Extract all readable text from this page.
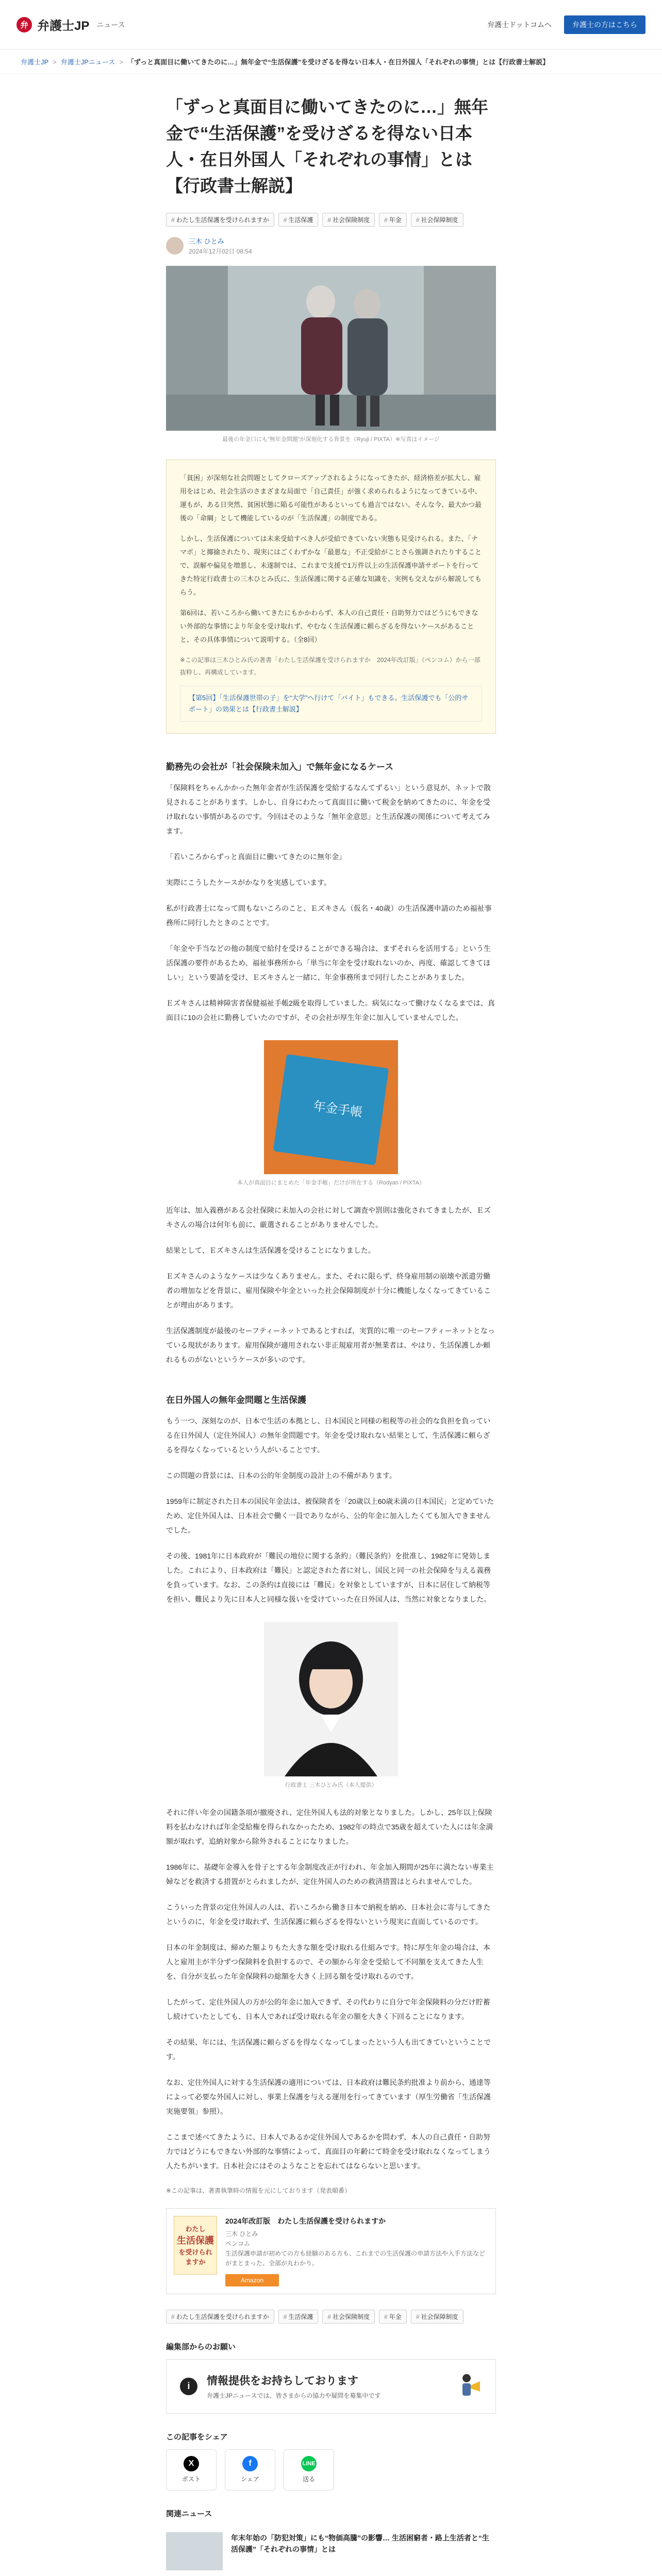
弁 弁護士JP ニュース	弁護士ドットコムへ	弁護士の方はこちら
弁護士JP > 弁護士JPニュース > 「ずっと真面目に働いてきたのに…」無年金で“生活保護”を受けざるを得ない日本人・在日外国人「それぞれの事情」とは【行政書士解説】
「ずっと真面目に働いてきたのに…」無年金で“生活保護”を受けざるを得ない日本人・在日外国人「それぞれの事情」とは【行政書士解説】
# わたし生活保護を受けられますか	# 生活保護	# 社会保険制度	# 年金	# 社会保障制度
三木 ひとみ
2024年12月02日 08:54
最後の年金口にも“無年金問題”が深刻化する背景を（Ryuji / PIXTA）※写真はイメージ

「貧困」が深刻な社会問題としてクローズアップされるようになってきたが、経済格差が拡大し、雇用をはじめ、社会生活のさまざまな局面で「自己責任」が強く求められるようになってきている中、運もが、ある日突然、貧困状態に陥る可能性があるといっても過言ではない。そんな今、最大かつ最後の「命綱」として機能しているのが「生活保護」の制度である。

しかし、生活保護については未来受給すべき人が受給できていない実態も見受けられる。また、「ナマポ」と揶揄されたり、現実にはごくわずかな「最悪な」不正受給がことさら強調されたりすることで、誤解や偏見を増悪し、未遂制では、これまで支援で1万件以上の生活保護申請サポートを行ってきた特定行政書士の三木ひとみ氏に、生活保護に関する正確な知識を、実例も交えながら解説してもらう。

第6回は、若いころから働いてきたにもかかわらず、本人の自己責任・自助努力ではどうにもできない外部的な事情により年金を受け取れず、やむなく生活保護に頼らざるを得ないケースがあることと、その具体事情について説明する。（全8回）

※この記事は三木ひとみ氏の著書「わたし生活保護を受けられますか　2024年改訂版」（ペンコム）から一部抜粋し、再構成しています。

【第5回】「生活保護世帯の子」を“大学”へ行けて「バイト」もできる。生活保護でも「公的サポート」の効果とは【行政書士解説】
勤務先の会社が「社会保険未加入」で無年金になるケース

「保険料をちゃんかかった無年金者が生活保護を受給するなんてずるい」という意見が、ネットで散見されることがあります。しかし、自身にわたって真面目に働いて税金を納めてきたのに、年金を受け取れない事情があるのです。今回はそのような「無年金意思」と生活保護の関係について考えてみます。

「若いころからずっと真面目に働いてきたのに無年金」

実際にこうしたケースがかなりを実感しています。

私が行政書士になって間もないころのこと、Ｅズキさん（仮名・40歳）の生活保護申請のため福祉事務所に同行したときのことです。

「年金や手当などの他の制度で給付を受けることができる場合は、まずそれらを活用する」という生活保護の要件があるため、福祉事務所から「単当に年金を受け取れないのか、再度、確認してきてほしい」という要請を受け、Ｅズキさんと一緒に、年金事務所まで同行したことがありました。

Ｅズキさんは精神障害者保健福祉手帳2級を取得していました。病気になって働けなくなるまでは、真面目に10の会社に勤務していたのですが、その会社が厚生年金に加入していませんでした。

年金手帳
本人が真面目にまとめた「年金手帳」だけが所在する（Rodyan / PIXTA）

近年は、加入義務がある会社保険に未加入の会社に対して調査や罰則は強化されてきましたが、Ｅズキさんの場合は何年も前に、厳選されることがありませんでした。

結果として、Ｅズキさんは生活保護を受けることになりました。

Ｅズキさんのようなケースは少なくありません。また、それに限らず、終身雇用制の崩壊や派遣労働者の増加などを背景に、雇用保険や年金といった社会保障制度が十分に機能しなくなってきていることが理由があります。

生活保護制度が最後のセーフティーネットであるとすれば、実質的に唯一のセーフティーネットとなっている現状があります。雇用保険が適用されない非正規雇用者が無業者は、やはり、生活保護しか頼れるものがないというケースが多いのです。

在日外国人の無年金問題と生活保護

もう一つ、深刻なのが、日本で生活の本拠とし、日本国民と同様の租税等の社会的な負担を負っている在日外国人（定住外国人）の無年金問題です。年金を受け取れない結果として、生活保護に頼らざるを得なくなっているという人がいることです。

この問題の背景には、日本の公的年金制度の設計上の不備があります。

1959年に制定された日本の国民年金法は、被保険者を「20歳以上60歳未満の日本国民」と定めていたため、定住外国人は、日本社会で働く一員でありながら、公的年金に加入したくても加入できませんでした。

その後、1981年に日本政府が「難民の地位に関する条約」（難民条約）を批准し、1982年に発効しました。これにより、日本政府は「難民」と認定された者に対し、国民と同一の社会保障を与える義務を負っています。なお、この条約は直接には「難民」を対象としていますが、日本に居住して納税等を担い、難民より先に日本人と同様な扱いを受けていった在日外国人は、当然に対象となりました。

行政書士 三木ひとみ氏（本人提供）

それに伴い年金の国籍条項が撤廃され、定住外国人も法的対象となりました。しかし、25年以上保険料を払わなければ年金受給権を得られなかったため、1982年の時点で35歳を超えていた人には年金満額が取れず、追納対象から除外されることになりました。

1986年に、基礎年金導入を骨子とする年金制度改正が行われ、年金加入期間が25年に満たない専業主婦などを救済する措置がとられましたが、定住外国人のための救済措置はとられませんでした。

こういった背景の定住外国人の人は、若いころから働き日本で納税を納め、日本社会に寄与してきたというのに、年金を受け取れず、生活保護に頼らざるを得ないという現実に直面しているのです。

日本の年金制度は、締めた額よりもた大きな額を受け取れる仕組みです。特に厚生年金の場合は、本人と雇用主が半分ずつ保険料を負担するので、その額から年金を受給して不同額を支えてきた人生を、自分が支払った年金保険料の総額を大きく上回る額を受け取れるのです。

したがって、定住外国人の方が公的年金に加入できず、その代わりに自分で年金保険料の分だけ貯蓄し続けていたとしても、日本人であれば受け取れる年金の額を大きく下回ることになります。

その結果、年には、生活保護に頼らざるを得なくなってしまったという人も出てきていということです。

なお、定住外国人に対する生活保護の適用については、日本政府は難民条約批准より前から、通達等によって必要な外国人に対し、事業上保護を与える運用を行ってきています（厚生労働省「生活保護実施要領」参照）。

ここまで述べてきたように、日本人であるか定住外国人であるかを問わず、本人の自己責任・自助努力ではどうにもできない外部的な事情によって、真面目の年齢にて時金を受け取れなくなってしまう人たちがいます。日本社会にはそのようなことを忘れてはならないと思います。

※この記事は、著書執筆時の情報を元にしております（発表順番）

わたし
生活保護
を受けられ
ますか
2024年改訂版　わたし生活保護を受けられますか
三木 ひとみ
ペンコム
生活保護申請が初めての方も経験のある方も、これまでの生活保護の申請方法や入手方法などがまとまった、全部が丸わかり。
Amazon
# わたし生活保護を受けられますか	# 生活保護	# 社会保険制度	# 年金	# 社会保障制度
編集部からのお願い
i	情報提供をお持ちしております
弁護士JPニュースでは、皆さまからの協力や疑問を募集中です
この記事をシェア
X
ポスト
f
シェア
LINE
送る
関連ニュース
年末年始の「防犯対策」にも“物価高騰”の影響… 生活困窮者・路上生活者と“生活保護”「それぞれの事情」とは
